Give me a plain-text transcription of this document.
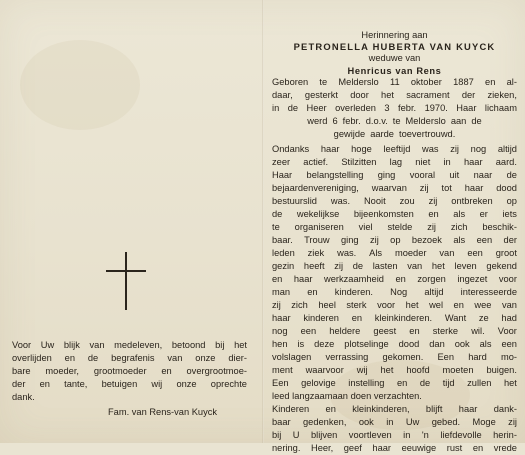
Voor Uw blijk van medeleven, betoond bij het
overlijden en de begrafenis van onze dier-
bare moeder, grootmoeder en overgrootmoe-
der en tante, betuigen wij onze oprechte
dank.
Fam. van Rens-van Kuyck
Herinnering aan
PETRONELLA HUBERTA VAN KUYCK
weduwe van
Henricus van Rens
Geboren te Melderslo 11 oktober 1887 en al-
daar, gesterkt door het sacrament der zieken,
in de Heer overleden 3 febr. 1970. Haar lichaam
werd 6 febr. d.o.v. te Melderslo aan de
gewijde aarde toevertrouwd.
Ondanks haar hoge leeftijd was zij nog altijd
zeer actief. Stilzitten lag niet in haar aard.
Haar belangstelling ging vooral uit naar de
bejaardenvereniging, waarvan zij tot haar dood
bestuurslid was. Nooit zou zij ontbreken op
de wekelijkse bijeenkomsten en als er iets
te organiseren viel stelde zij zich beschik-
baar. Trouw ging zij op bezoek als een der
leden ziek was. Als moeder van een groot
gezin heeft zij de lasten van het leven gekend
en haar werkzaamheid en zorgen ingezet voor
man en kinderen. Nog altijd interesseerde
zij zich heel sterk voor het wel en wee van
haar kinderen en kleinkinderen. Want ze had
nog een heldere geest en sterke wil. Voor
hen is deze plotselinge dood dan ook als een
volslagen verrassing gekomen. Een hard mo-
ment waarvoor wij het hoofd moeten buigen.
Een gelovige instelling en de tijd zullen het
leed langzaamaan doen verzachten.
Kinderen en kleinkinderen, blijft haar dank-
baar gedenken, ook in Uw gebed. Moge zij
bij U blijven voortleven in 'n liefdevolle herin-
nering. Heer, geef haar eeuwige rust en vrede
